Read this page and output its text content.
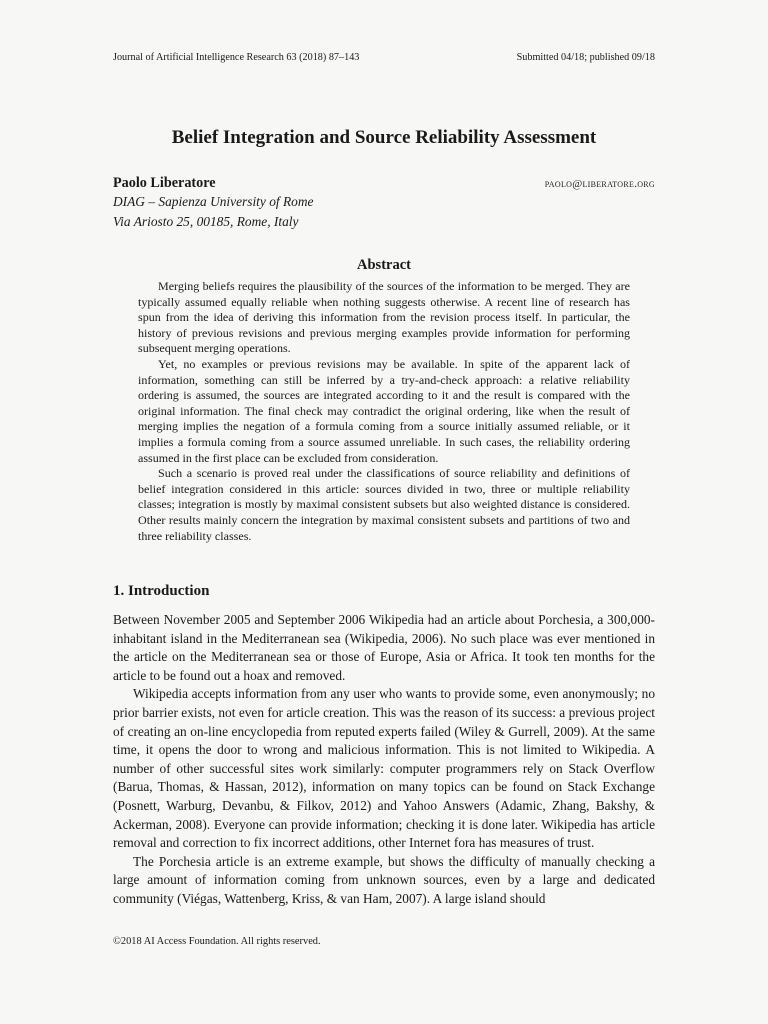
Journal of Artificial Intelligence Research 63 (2018) 87–143	Submitted 04/18; published 09/18
Belief Integration and Source Reliability Assessment
Paolo Liberatore	paolo@liberatore.org
DIAG – Sapienza University of Rome
Via Ariosto 25, 00185, Rome, Italy
Abstract

Merging beliefs requires the plausibility of the sources of the information to be merged. They are typically assumed equally reliable when nothing suggests otherwise. A recent line of research has spun from the idea of deriving this information from the revision process itself. In particular, the history of previous revisions and previous merging examples provide information for performing subsequent merging operations.

Yet, no examples or previous revisions may be available. In spite of the apparent lack of information, something can still be inferred by a try-and-check approach: a relative reliability ordering is assumed, the sources are integrated according to it and the result is compared with the original information. The final check may contradict the original ordering, like when the result of merging implies the negation of a formula coming from a source initially assumed reliable, or it implies a formula coming from a source assumed unreliable. In such cases, the reliability ordering assumed in the first place can be excluded from consideration.

Such a scenario is proved real under the classifications of source reliability and definitions of belief integration considered in this article: sources divided in two, three or multiple reliability classes; integration is mostly by maximal consistent subsets but also weighted distance is considered. Other results mainly concern the integration by maximal consistent subsets and partitions of two and three reliability classes.

1. Introduction

Between November 2005 and September 2006 Wikipedia had an article about Porchesia, a 300,000-inhabitant island in the Mediterranean sea (Wikipedia, 2006). No such place was ever mentioned in the article on the Mediterranean sea or those of Europe, Asia or Africa. It took ten months for the article to be found out a hoax and removed.

Wikipedia accepts information from any user who wants to provide some, even anonymously; no prior barrier exists, not even for article creation. This was the reason of its success: a previous project of creating an on-line encyclopedia from reputed experts failed (Wiley & Gurrell, 2009). At the same time, it opens the door to wrong and malicious information. This is not limited to Wikipedia. A number of other successful sites work similarly: computer programmers rely on Stack Overflow (Barua, Thomas, & Hassan, 2012), information on many topics can be found on Stack Exchange (Posnett, Warburg, Devanbu, & Filkov, 2012) and Yahoo Answers (Adamic, Zhang, Bakshy, & Ackerman, 2008). Everyone can provide information; checking it is done later. Wikipedia has article removal and correction to fix incorrect additions, other Internet fora has measures of trust.

The Porchesia article is an extreme example, but shows the difficulty of manually checking a large amount of information coming from unknown sources, even by a large and dedicated community (Viégas, Wattenberg, Kriss, & van Ham, 2007). A large island should

©2018 AI Access Foundation. All rights reserved.
